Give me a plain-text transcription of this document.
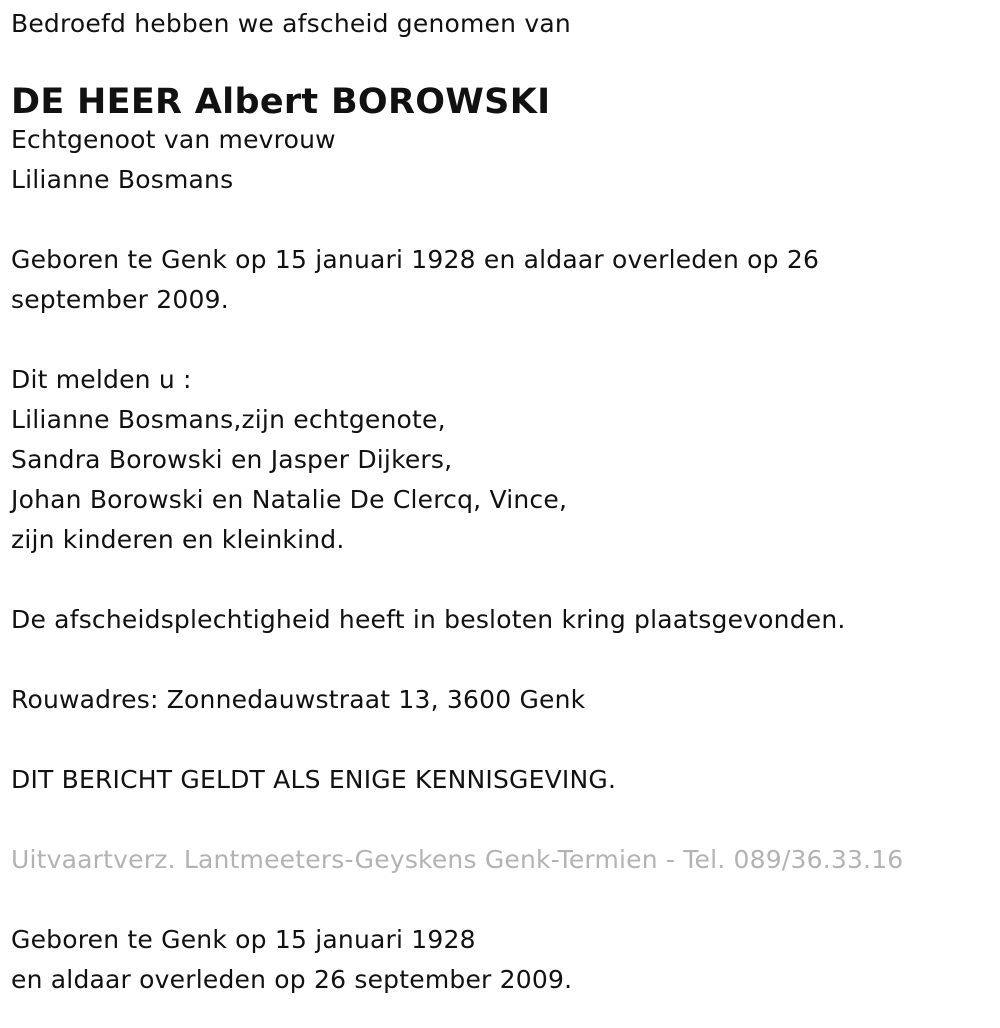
Bedroefd hebben we afscheid genomen van
DE HEER Albert BOROWSKI
Echtgenoot van mevrouw
Lilianne Bosmans
Geboren te Genk op 15 januari 1928 en aldaar overleden op 26
september 2009.
Dit melden u :
Lilianne Bosmans,zijn echtgenote,
Sandra Borowski en Jasper Dijkers,
Johan Borowski en Natalie De Clercq, Vince,
zijn kinderen en kleinkind.
De afscheidsplechtigheid heeft in besloten kring plaatsgevonden.
Rouwadres: Zonnedauwstraat 13, 3600 Genk
DIT BERICHT GELDT ALS ENIGE KENNISGEVING.
Uitvaartverz. Lantmeeters-Geyskens Genk-Termien - Tel. 089/36.33.16
Geboren te Genk op 15 januari 1928
en aldaar overleden op 26 september 2009.
